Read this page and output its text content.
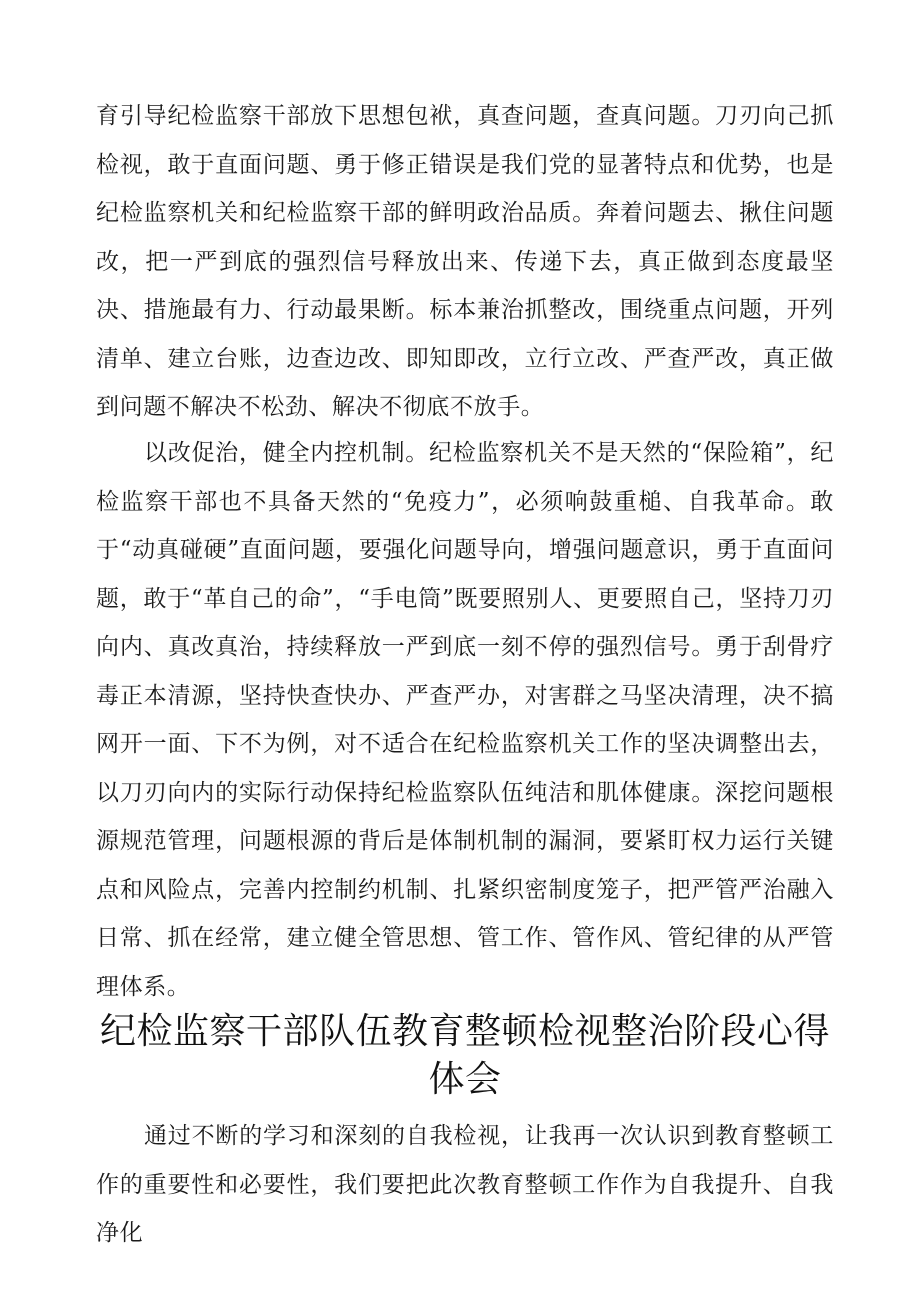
育引导纪检监察干部放下思想包袱，真查问题，查真问题。刀刃向己抓检视，敢于直面问题、勇于修正错误是我们党的显著特点和优势，也是纪检监察机关和纪检监察干部的鲜明政治品质。奔着问题去、揪住问题改，把一严到底的强烈信号释放出来、传递下去，真正做到态度最坚决、措施最有力、行动最果断。标本兼治抓整改，围绕重点问题，开列清单、建立台账，边查边改、即知即改，立行立改、严查严改，真正做到问题不解决不松劲、解决不彻底不放手。

以改促治，健全内控机制。纪检监察机关不是天然的“保险箱”，纪检监察干部也不具备天然的“免疫力”，必须响鼓重槌、自我革命。敢于“动真碰硬”直面问题，要强化问题导向，增强问题意识，勇于直面问题，敢于“革自己的命”，“手电筒”既要照别人、更要照自己，坚持刀刃向内、真改真治，持续释放一严到底一刻不停的强烈信号。勇于刮骨疗毒正本清源，坚持快查快办、严查严办，对害群之马坚决清理，决不搞网开一面、下不为例，对不适合在纪检监察机关工作的坚决调整出去，以刀刃向内的实际行动保持纪检监察队伍纯洁和肌体健康。深挖问题根源规范管理，问题根源的背后是体制机制的漏洞，要紧盯权力运行关键点和风险点，完善内控制约机制、扎紧织密制度笼子，把严管严治融入日常、抓在经常，建立健全管思想、管工作、管作风、管纪律的从严管理体系。

纪检监察干部队伍教育整顿检视整治阶段心得体会

通过不断的学习和深刻的自我检视，让我再一次认识到教育整顿工作的重要性和必要性，我们要把此次教育整顿工作作为自我提升、自我净化
